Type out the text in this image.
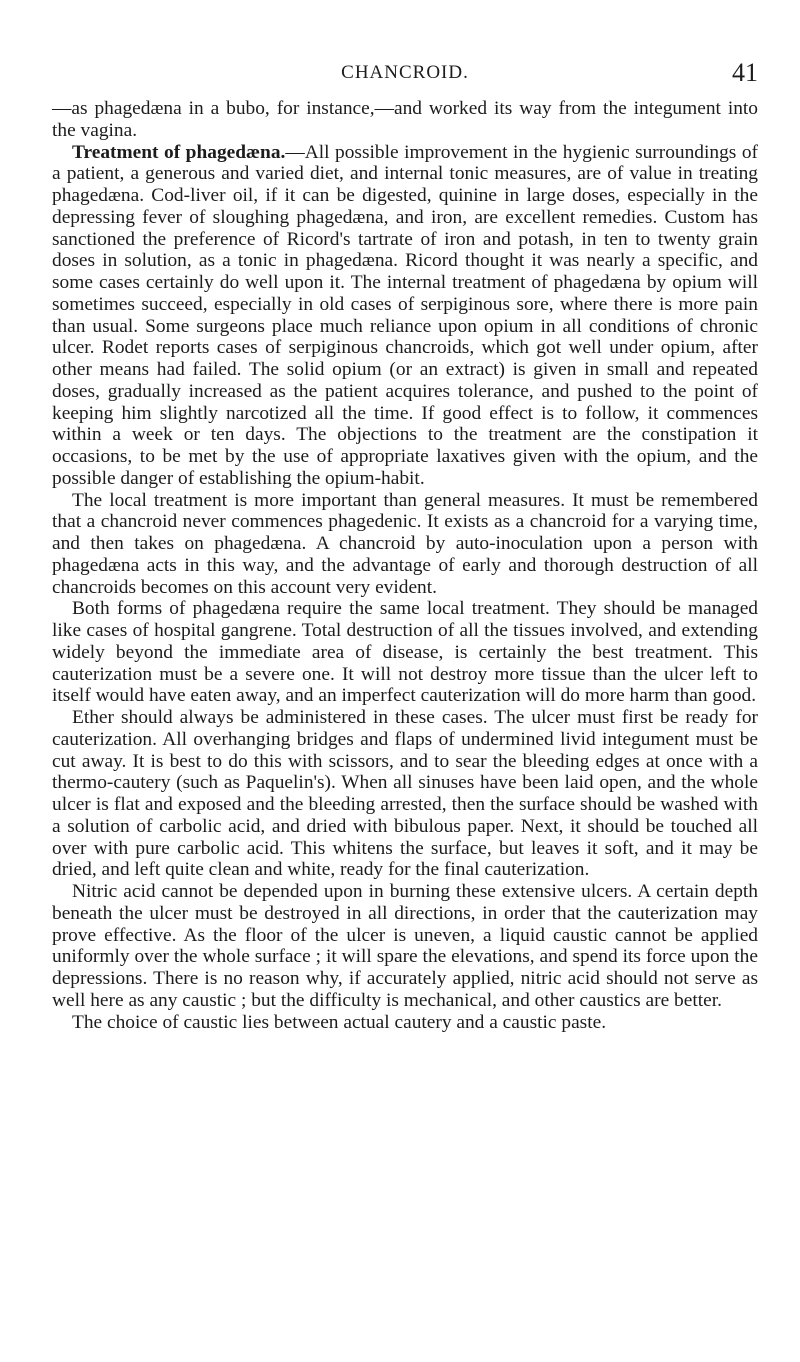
CHANCROID.	41

—as phagedæna in a bubo, for instance,—and worked its way from the integument into the vagina.

Treatment of phagedæna.—All possible improvement in the hygienic surroundings of a patient, a generous and varied diet, and internal tonic measures, are of value in treating phagedæna. Cod-liver oil, if it can be digested, quinine in large doses, especially in the depressing fever of sloughing phagedæna, and iron, are excellent remedies. Custom has sanctioned the preference of Ricord's tartrate of iron and potash, in ten to twenty grain doses in solution, as a tonic in phagedæna. Ricord thought it was nearly a specific, and some cases certainly do well upon it. The internal treatment of phagedæna by opium will sometimes succeed, especially in old cases of serpiginous sore, where there is more pain than usual. Some surgeons place much reliance upon opium in all conditions of chronic ulcer. Rodet reports cases of serpiginous chancroids, which got well under opium, after other means had failed. The solid opium (or an extract) is given in small and repeated doses, gradually increased as the patient acquires tolerance, and pushed to the point of keeping him slightly narcotized all the time. If good effect is to follow, it commences within a week or ten days. The objections to the treatment are the constipation it occasions, to be met by the use of appropriate laxatives given with the opium, and the possible danger of establishing the opium-habit.

The local treatment is more important than general measures. It must be remembered that a chancroid never commences phagedenic. It exists as a chancroid for a varying time, and then takes on phagedæna. A chancroid by auto-inoculation upon a person with phagedæna acts in this way, and the advantage of early and thorough destruction of all chancroids becomes on this account very evident.

Both forms of phagedæna require the same local treatment. They should be managed like cases of hospital gangrene. Total destruction of all the tissues involved, and extending widely beyond the immediate area of disease, is certainly the best treatment. This cauterization must be a severe one. It will not destroy more tissue than the ulcer left to itself would have eaten away, and an imperfect cauterization will do more harm than good.

Ether should always be administered in these cases. The ulcer must first be ready for cauterization. All overhanging bridges and flaps of undermined livid integument must be cut away. It is best to do this with scissors, and to sear the bleeding edges at once with a thermo-cautery (such as Paquelin's). When all sinuses have been laid open, and the whole ulcer is flat and exposed and the bleeding arrested, then the surface should be washed with a solution of carbolic acid, and dried with bibulous paper. Next, it should be touched all over with pure carbolic acid. This whitens the surface, but leaves it soft, and it may be dried, and left quite clean and white, ready for the final cauterization.

Nitric acid cannot be depended upon in burning these extensive ulcers. A certain depth beneath the ulcer must be destroyed in all directions, in order that the cauterization may prove effective. As the floor of the ulcer is uneven, a liquid caustic cannot be applied uniformly over the whole surface ; it will spare the elevations, and spend its force upon the depressions. There is no reason why, if accurately applied, nitric acid should not serve as well here as any caustic ; but the difficulty is mechanical, and other caustics are better.

The choice of caustic lies between actual cautery and a caustic paste.
